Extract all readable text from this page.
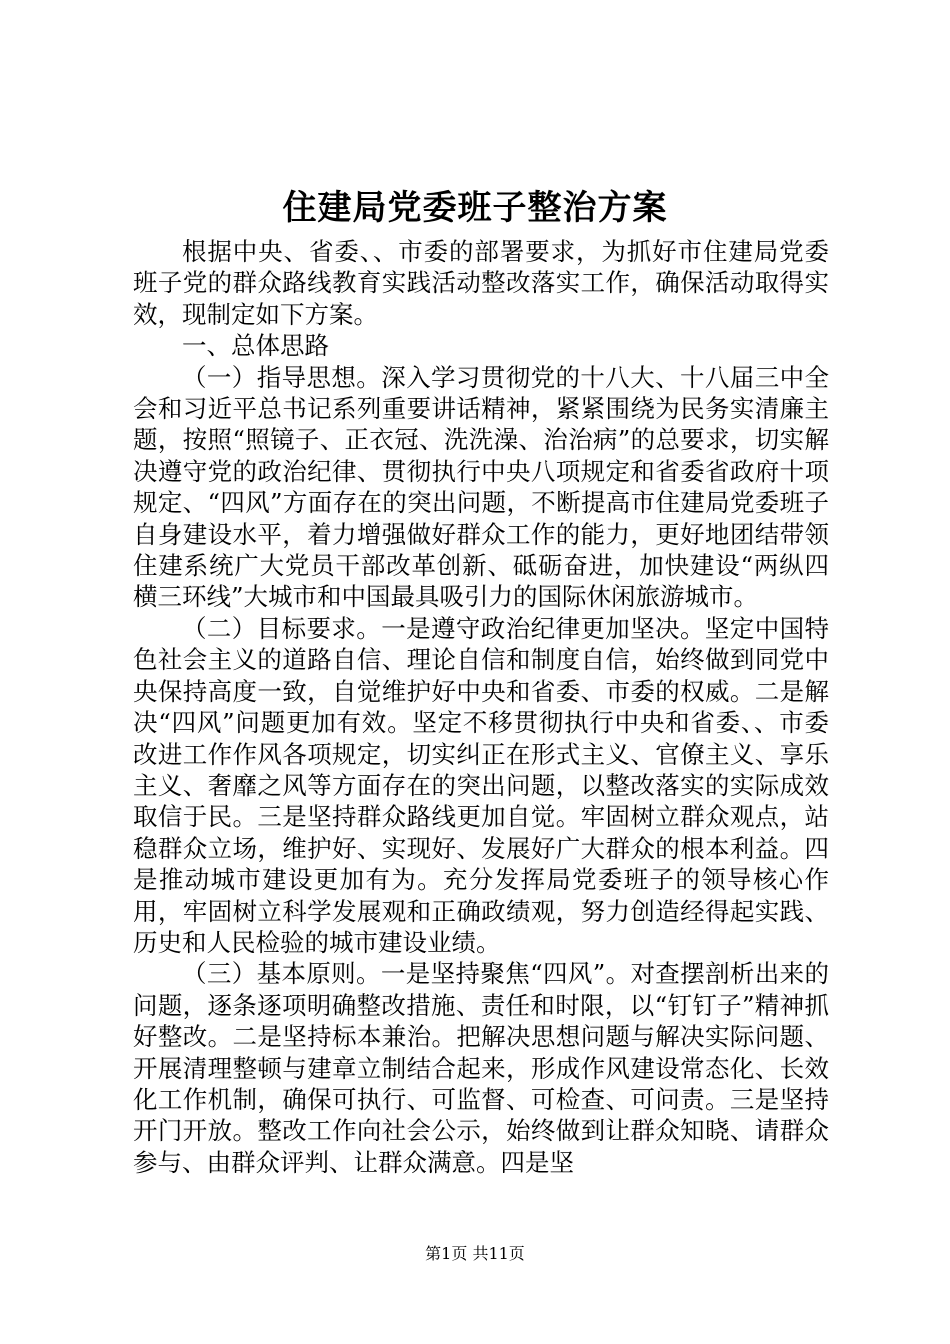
住建局党委班子整治方案

根据中央、省委、、市委的部署要求，为抓好市住建局党委班子党的群众路线教育实践活动整改落实工作，确保活动取得实效，现制定如下方案。

一、总体思路

（一）指导思想。深入学习贯彻党的十八大、十八届三中全会和习近平总书记系列重要讲话精神，紧紧围绕为民务实清廉主题，按照“照镜子、正衣冠、洗洗澡、治治病”的总要求，切实解决遵守党的政治纪律、贯彻执行中央八项规定和省委省政府十项规定、“四风”方面存在的突出问题，不断提高市住建局党委班子自身建设水平，着力增强做好群众工作的能力，更好地团结带领住建系统广大党员干部改革创新、砥砺奋进，加快建设“两纵四横三环线”大城市和中国最具吸引力的国际休闲旅游城市。

（二）目标要求。一是遵守政治纪律更加坚决。坚定中国特色社会主义的道路自信、理论自信和制度自信，始终做到同党中央保持高度一致，自觉维护好中央和省委、市委的权威。二是解决“四风”问题更加有效。坚定不移贯彻执行中央和省委、、市委改进工作作风各项规定，切实纠正在形式主义、官僚主义、享乐主义、奢靡之风等方面存在的突出问题，以整改落实的实际成效取信于民。三是坚持群众路线更加自觉。牢固树立群众观点，站稳群众立场，维护好、实现好、发展好广大群众的根本利益。四是推动城市建设更加有为。充分发挥局党委班子的领导核心作用，牢固树立科学发展观和正确政绩观，努力创造经得起实践、历史和人民检验的城市建设业绩。

（三）基本原则。一是坚持聚焦“四风”。对查摆剖析出来的问题，逐条逐项明确整改措施、责任和时限，以“钉钉子”精神抓好整改。二是坚持标本兼治。把解决思想问题与解决实际问题、开展清理整顿与建章立制结合起来，形成作风建设常态化、长效化工作机制，确保可执行、可监督、可检查、可问责。三是坚持开门开放。整改工作向社会公示，始终做到让群众知晓、请群众参与、由群众评判、让群众满意。四是坚

第1页 共11页
